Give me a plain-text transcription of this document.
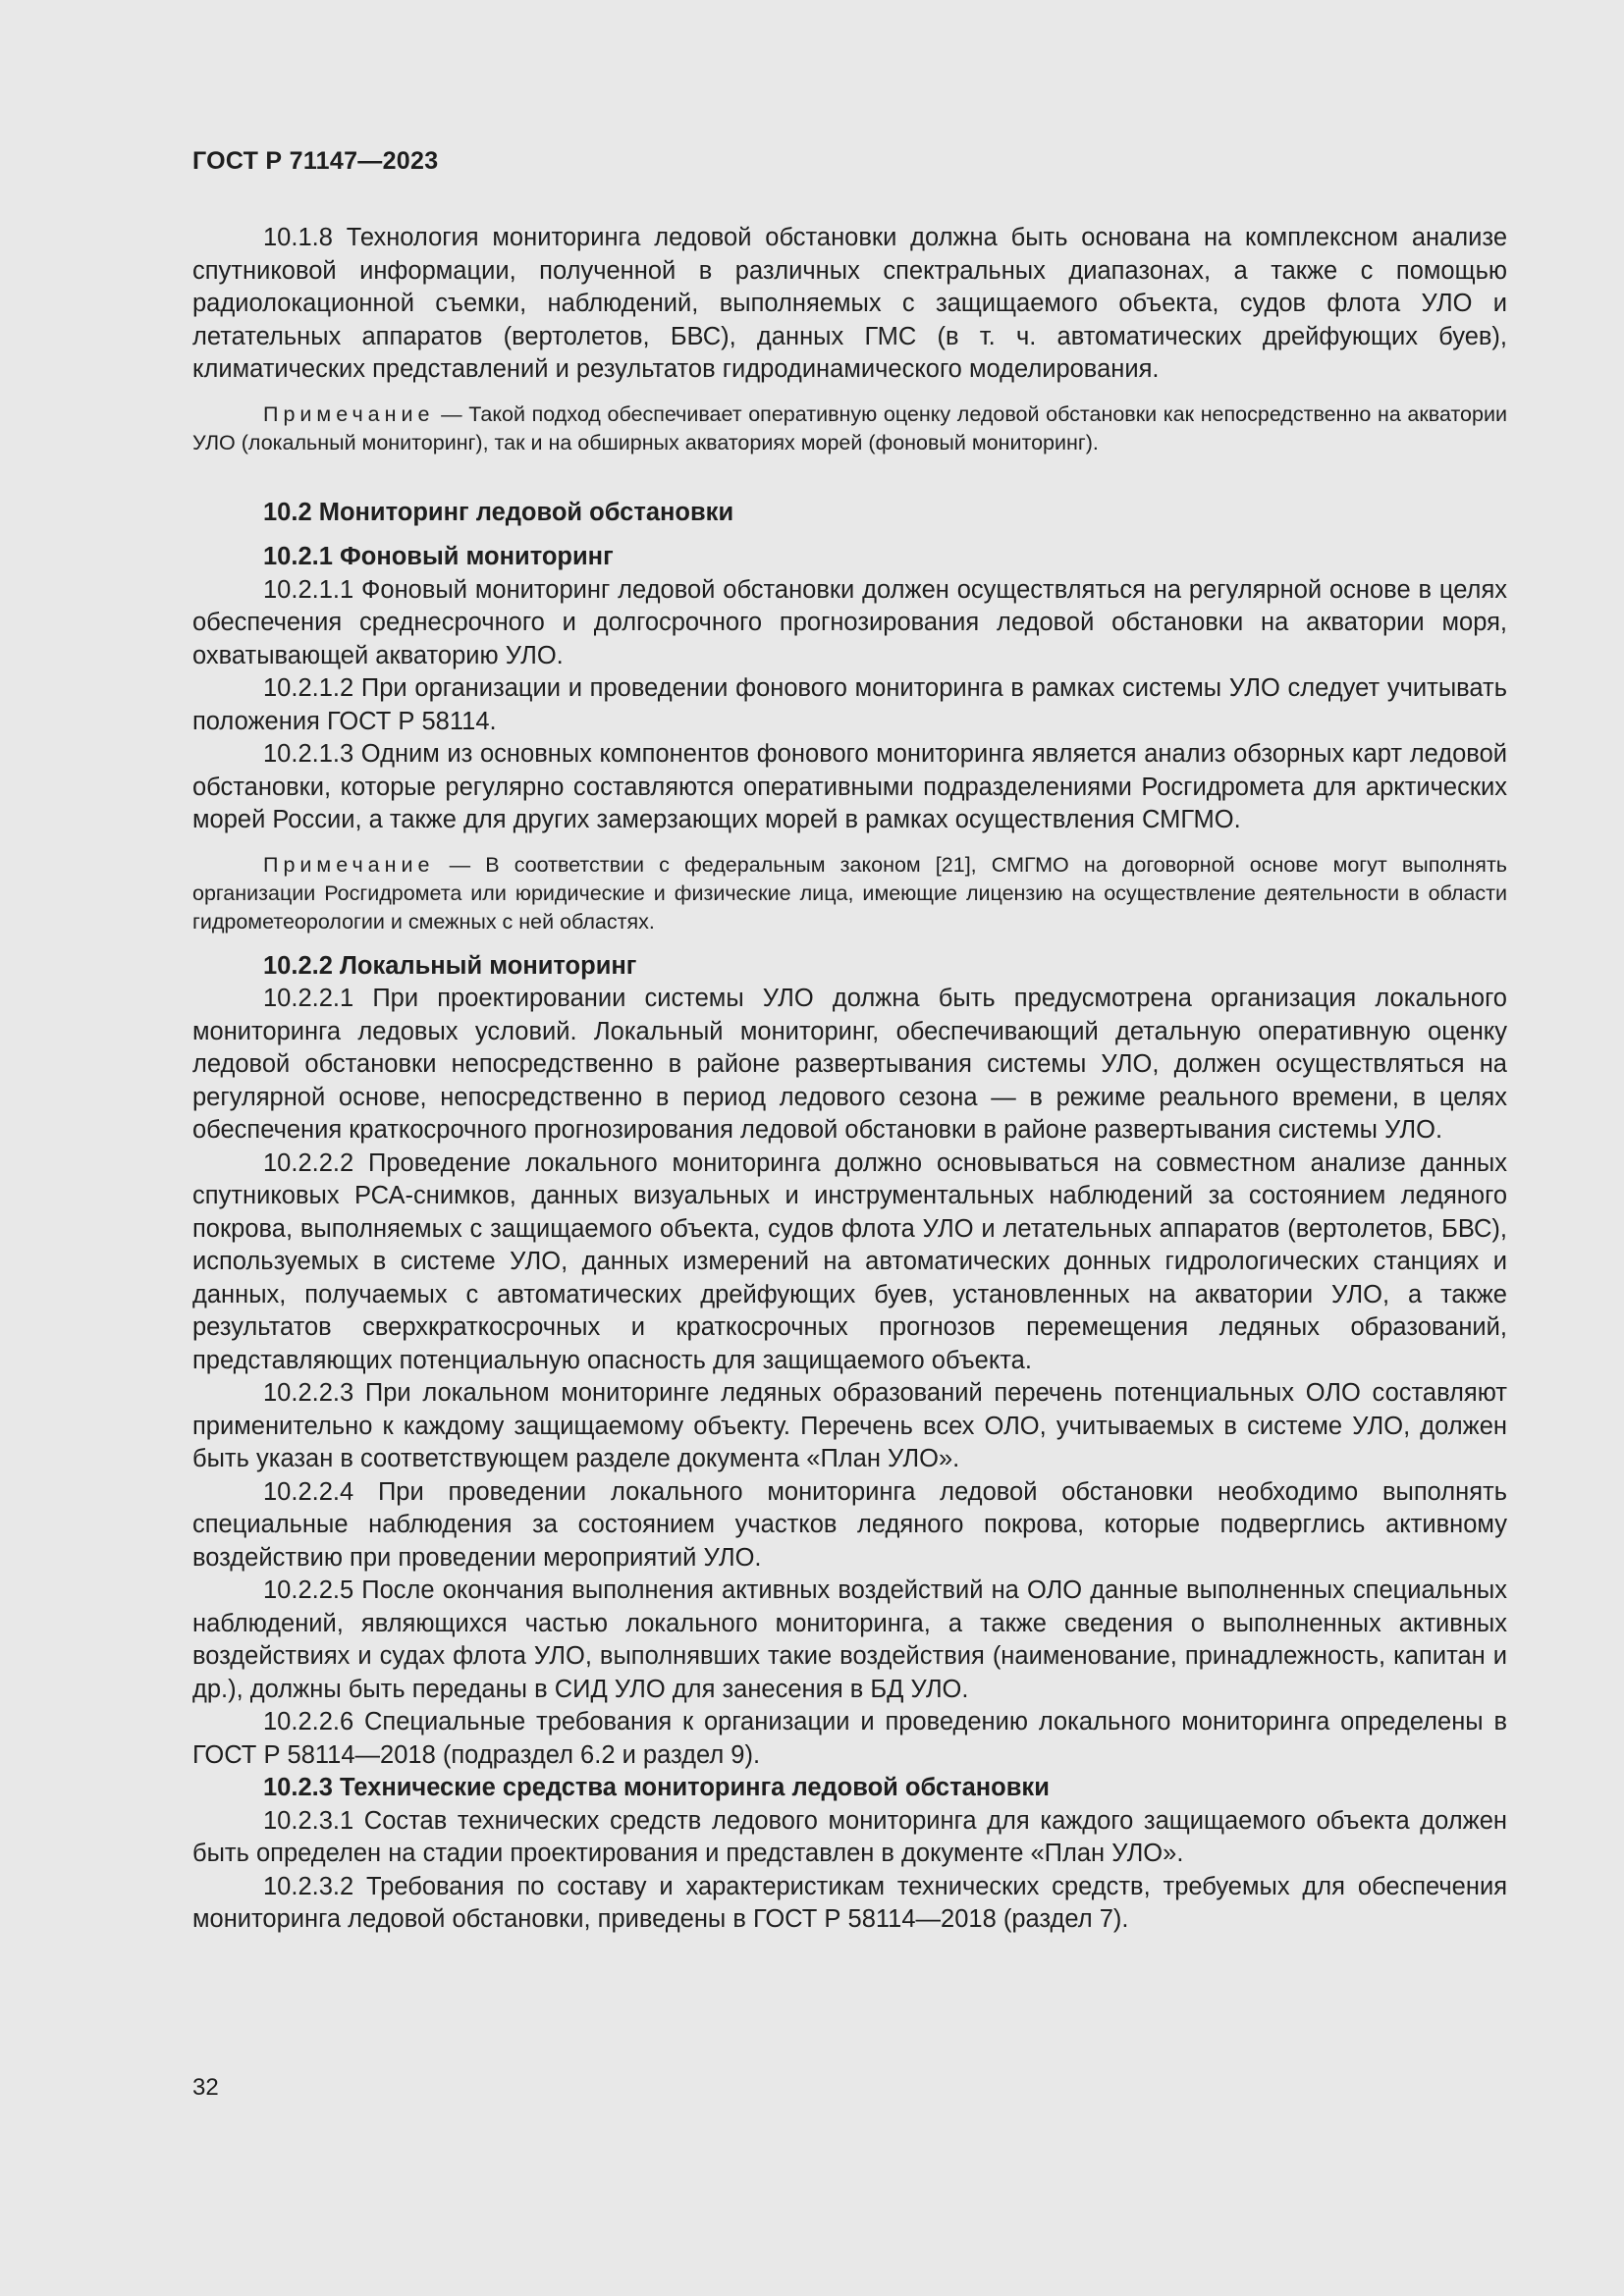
ГОСТ Р 71147—2023

10.1.8 Технология мониторинга ледовой обстановки должна быть основана на комплексном анализе спутниковой информации, полученной в различных спектральных диапазонах, а также с помощью радиолокационной съемки, наблюдений, выполняемых с защищаемого объекта, судов флота УЛО и летательных аппаратов (вертолетов, БВС), данных ГМС (в т. ч. автоматических дрейфующих буев), климатических представлений и результатов гидродинамического моделирования.

Примечание — Такой подход обеспечивает оперативную оценку ледовой обстановки как непосредственно на акватории УЛО (локальный мониторинг), так и на обширных акваториях морей (фоновый мониторинг).

10.2 Мониторинг ледовой обстановки

10.2.1 Фоновый мониторинг

10.2.1.1 Фоновый мониторинг ледовой обстановки должен осуществляться на регулярной основе в целях обеспечения среднесрочного и долгосрочного прогнозирования ледовой обстановки на акватории моря, охватывающей акваторию УЛО.

10.2.1.2 При организации и проведении фонового мониторинга в рамках системы УЛО следует учитывать положения ГОСТ Р 58114.

10.2.1.3 Одним из основных компонентов фонового мониторинга является анализ обзорных карт ледовой обстановки, которые регулярно составляются оперативными подразделениями Росгидромета для арктических морей России, а также для других замерзающих морей в рамках осуществления СМГМО.

Примечание — В соответствии с федеральным законом [21], СМГМО на договорной основе могут выполнять организации Росгидромета или юридические и физические лица, имеющие лицензию на осуществление деятельности в области гидрометеорологии и смежных с ней областях.

10.2.2 Локальный мониторинг

10.2.2.1 При проектировании системы УЛО должна быть предусмотрена организация локального мониторинга ледовых условий. Локальный мониторинг, обеспечивающий детальную оперативную оценку ледовой обстановки непосредственно в районе развертывания системы УЛО, должен осуществляться на регулярной основе, непосредственно в период ледового сезона — в режиме реального времени, в целях обеспечения краткосрочного прогнозирования ледовой обстановки в районе развертывания системы УЛО.

10.2.2.2 Проведение локального мониторинга должно основываться на совместном анализе данных спутниковых РСА-снимков, данных визуальных и инструментальных наблюдений за состоянием ледяного покрова, выполняемых с защищаемого объекта, судов флота УЛО и летательных аппаратов (вертолетов, БВС), используемых в системе УЛО, данных измерений на автоматических донных гидрологических станциях и данных, получаемых с автоматических дрейфующих буев, установленных на акватории УЛО, а также результатов сверхкраткосрочных и краткосрочных прогнозов перемещения ледяных образований, представляющих потенциальную опасность для защищаемого объекта.

10.2.2.3 При локальном мониторинге ледяных образований перечень потенциальных ОЛО составляют применительно к каждому защищаемому объекту. Перечень всех ОЛО, учитываемых в системе УЛО, должен быть указан в соответствующем разделе документа «План УЛО».

10.2.2.4 При проведении локального мониторинга ледовой обстановки необходимо выполнять специальные наблюдения за состоянием участков ледяного покрова, которые подверглись активному воздействию при проведении мероприятий УЛО.

10.2.2.5 После окончания выполнения активных воздействий на ОЛО данные выполненных специальных наблюдений, являющихся частью локального мониторинга, а также сведения о выполненных активных воздействиях и судах флота УЛО, выполнявших такие воздействия (наименование, принадлежность, капитан и др.), должны быть переданы в СИД УЛО для занесения в БД УЛО.

10.2.2.6 Специальные требования к организации и проведению локального мониторинга определены в ГОСТ Р 58114—2018 (подраздел 6.2 и раздел 9).

10.2.3 Технические средства мониторинга ледовой обстановки

10.2.3.1 Состав технических средств ледового мониторинга для каждого защищаемого объекта должен быть определен на стадии проектирования и представлен в документе «План УЛО».

10.2.3.2 Требования по составу и характеристикам технических средств, требуемых для обеспечения мониторинга ледовой обстановки, приведены в ГОСТ Р 58114—2018 (раздел 7).

32
